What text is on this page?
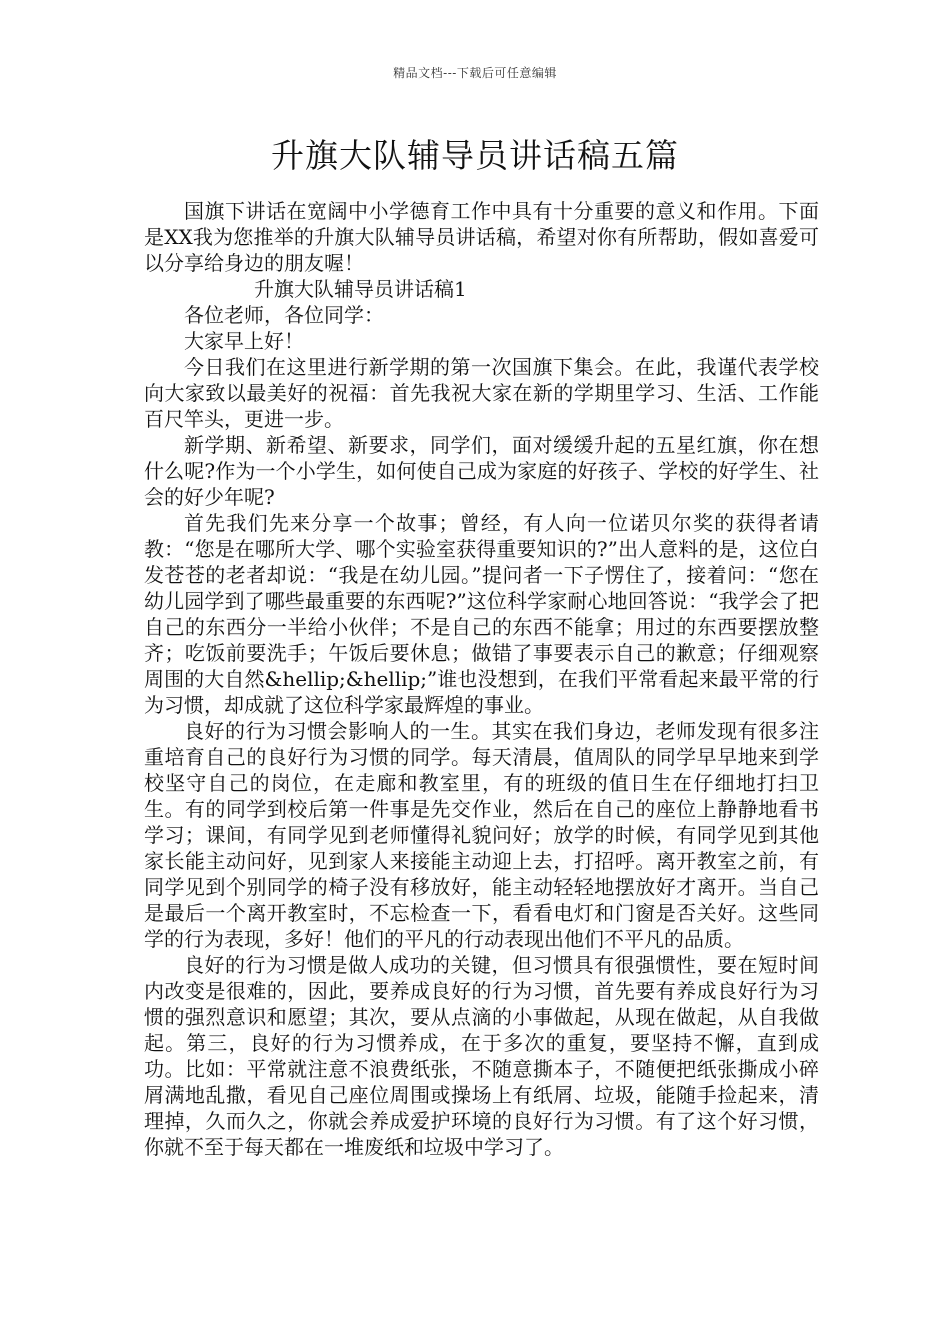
精品文档---下载后可任意编辑
升旗大队辅导员讲话稿五篇

国旗下讲话在宽阔中小学德育工作中具有十分重要的意义和作用。下面是XX我为您推举的升旗大队辅导员讲话稿，希望对你有所帮助，假如喜爱可以分享给身边的朋友喔！

升旗大队辅导员讲话稿1

各位老师，各位同学：

大家早上好！

今日我们在这里进行新学期的第一次国旗下集会。在此，我谨代表学校向大家致以最美好的祝福：首先我祝大家在新的学期里学习、生活、工作能百尺竿头，更进一步。

新学期、新希望、新要求，同学们，面对缓缓升起的五星红旗，你在想什么呢?作为一个小学生，如何使自己成为家庭的好孩子、学校的好学生、社会的好少年呢?

首先我们先来分享一个故事；曾经，有人向一位诺贝尔奖的获得者请教：“您是在哪所大学、哪个实验室获得重要知识的?”出人意料的是，这位白发苍苍的老者却说：“我是在幼儿园。”提问者一下子愣住了，接着问：“您在幼儿园学到了哪些最重要的东西呢?”这位科学家耐心地回答说：“我学会了把自己的东西分一半给小伙伴；不是自己的东西不能拿；用过的东西要摆放整齐；吃饭前要洗手；午饭后要休息；做错了事要表示自己的歉意；仔细观察周围的大自然&hellip;&hellip;”谁也没想到，在我们平常看起来最平常的行为习惯，却成就了这位科学家最辉煌的事业。

良好的行为习惯会影响人的一生。其实在我们身边，老师发现有很多注重培育自己的良好行为习惯的同学。每天清晨，值周队的同学早早地来到学校坚守自己的岗位，在走廊和教室里，有的班级的值日生在仔细地打扫卫生。有的同学到校后第一件事是先交作业，然后在自己的座位上静静地看书学习；课间，有同学见到老师懂得礼貌问好；放学的时候，有同学见到其他家长能主动问好，见到家人来接能主动迎上去，打招呼。离开教室之前，有同学见到个别同学的椅子没有移放好，能主动轻轻地摆放好才离开。当自己是最后一个离开教室时，不忘检查一下，看看电灯和门窗是否关好。这些同学的行为表现，多好！他们的平凡的行动表现出他们不平凡的品质。

良好的行为习惯是做人成功的关键，但习惯具有很强惯性，要在短时间内改变是很难的，因此，要养成良好的行为习惯，首先要有养成良好行为习惯的强烈意识和愿望；其次，要从点滴的小事做起，从现在做起，从自我做起。第三，良好的行为习惯养成，在于多次的重复，要坚持不懈，直到成功。比如：平常就注意不浪费纸张，不随意撕本子，不随便把纸张撕成小碎屑满地乱撒，看见自己座位周围或操场上有纸屑、垃圾，能随手捡起来，清理掉，久而久之，你就会养成爱护环境的良好行为习惯。有了这个好习惯，你就不至于每天都在一堆废纸和垃圾中学习了。
